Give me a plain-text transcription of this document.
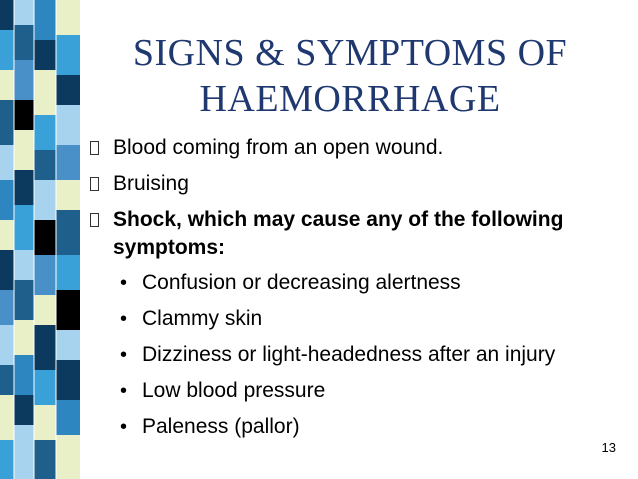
SIGNS & SYMPTOMS OF
HAEMORRHAGE
Blood coming from an open wound.
Bruising
Shock, which may cause any of the following symptoms:
• Confusion or decreasing alertness
• Clammy skin
• Dizziness or light-headedness after an injury
• Low blood pressure
• Paleness (pallor)
13
